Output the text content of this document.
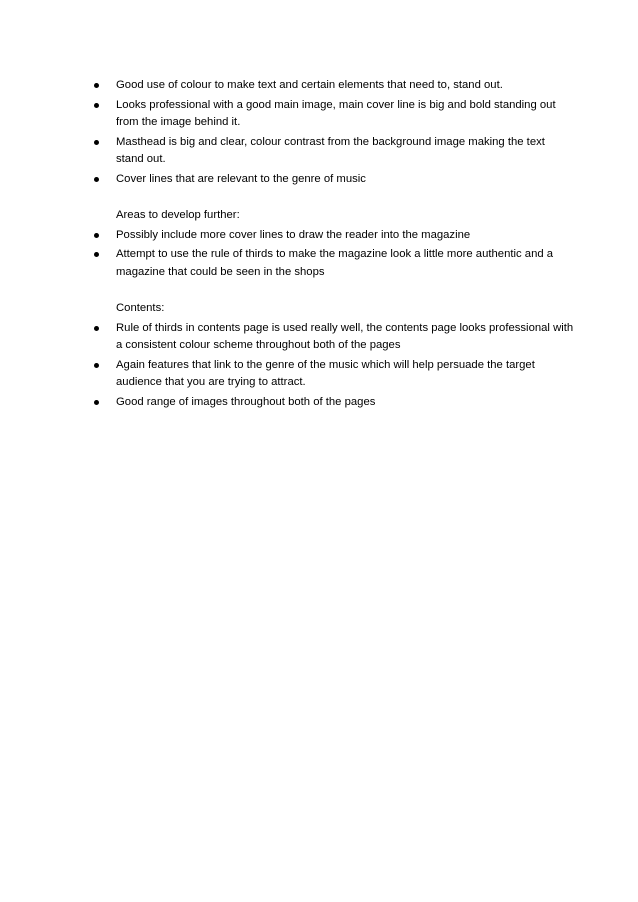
Good use of colour to make text and certain elements that need to, stand out.
Looks professional with a good main image, main cover line is big and bold standing out from the image behind it.
Masthead is big and clear, colour contrast from the background image making the text stand out.
Cover lines that are relevant to the genre of music
Areas to develop further:
Possibly include more cover lines to draw the reader into the magazine
Attempt to use the rule of thirds to make the magazine look a little more authentic and a magazine that could be seen in the shops
Contents:
Rule of thirds in contents page is used really well, the contents page looks professional with a consistent colour scheme throughout both of the pages
Again features that link to the genre of the music which will help persuade the target audience that you are trying to attract.
Good range of images throughout both of the pages
